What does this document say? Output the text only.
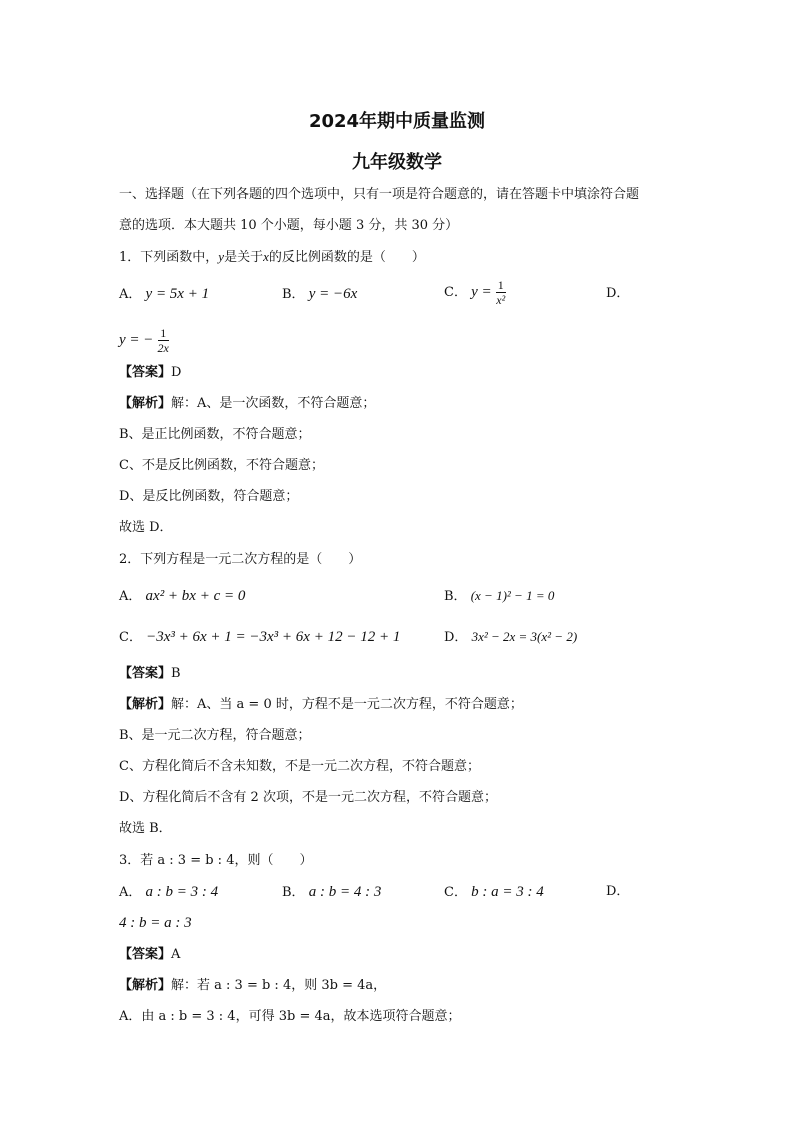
2024年期中质量监测
九年级数学
一、选择题（在下列各题的四个选项中，只有一项是符合题意的，请在答题卡中填涂符合题
意的选项．本大题共 10 个小题，每小题 3 分，共 30 分）
1．下列函数中，y是关于x的反比例函数的是（　　）
A． y = 5x + 1	B． y = −6x	C． $y = \frac{1}{\text{x²}}$	D．
y = − $\frac{1}{2x}$
【答案】D
【解析】解：A、是一次函数，不符合题意；
B、是正比例函数，不符合题意；
C、不是反比例函数，不符合题意；
D、是反比例函数，符合题意；
故选 D．
2．下列方程是一元二次方程的是（　　）
A． ax² + bx + c = 0	B． (x − 1)² − 1 = 0
C． −3x³ + 6x + 1 = −3x³ + 6x + 12 − 12 + 1	D． 3x² − 2x = 3(x² − 2)
【答案】B
【解析】解：A、当 a = 0 时，方程不是一元二次方程，不符合题意；
B、是一元二次方程，符合题意；
C、方程化简后不含未知数，不是一元二次方程，不符合题意；
D、方程化简后不含有 2 次项，不是一元二次方程，不符合题意；
故选 B．
3．若 a : 3 = b : 4，则（　　）
A． a : b = 3 : 4	B． a : b = 4 : 3	C． b : a = 3 : 4	D．
4 : b = a : 3
【答案】A
【解析】解：若 a : 3 = b : 4，则 3b = 4a，
A．由 a : b = 3 : 4，可得 3b = 4a，故本选项符合题意；
